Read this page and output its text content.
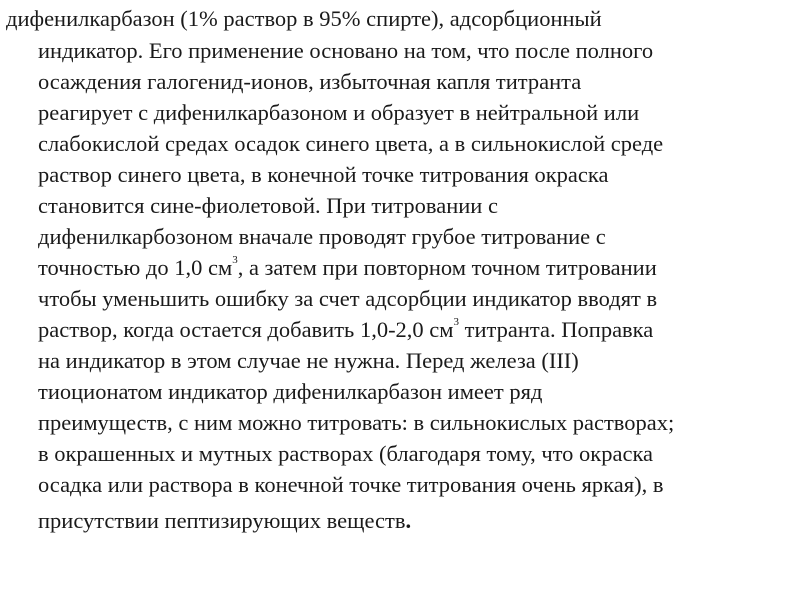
дифенилкарбазон (1% раствор в 95% спирте), адсорбционный
индикатор. Его применение основано на том, что после полного
осаждения галогенид-ионов, избыточная капля титранта
реагирует с дифенилкарбазоном и образует в нейтральной или
слабокислой средах осадок синего цвета, а в сильнокислой среде
раствор синего цвета, в конечной точке титрования окраска
становится сине-фиолетовой. При титровании с
дифенилкарбозоном вначале проводят грубое титрование с
точностью до 1,0 $см^3$, а затем при повторном точном титровании
чтобы уменьшить ошибку за счет адсорбции индикатор вводят в
раствор, когда остается добавить 1,0-2,0 $см^3$ титранта. Поправка
на индикатор в этом случае не нужна. Перед железа (III)
тиоционатом индикатор дифенилкарбазон имеет ряд
преимуществ, с ним можно титровать: в сильнокислых растворах;
в окрашенных и мутных растворах (благодаря тому, что окраска
осадка или раствора в конечной точке титрования очень яркая), в
присутствии пептизирующих веществ.
